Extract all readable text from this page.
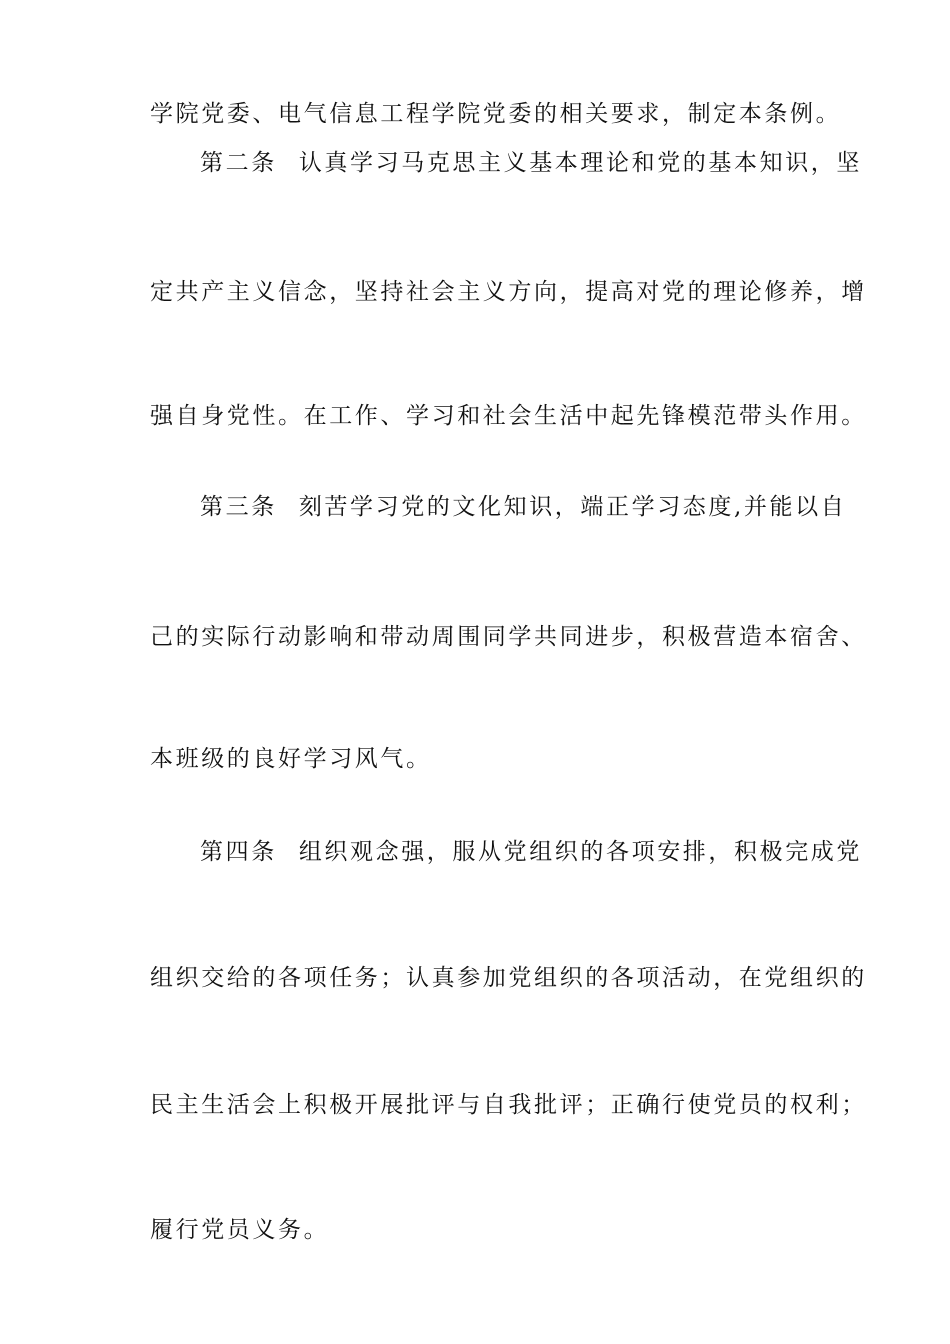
学院党委、电气信息工程学院党委的相关要求，制定本条例。
第二条 认真学习马克思主义基本理论和党的基本知识，坚
定共产主义信念，坚持社会主义方向，提高对党的理论修养，增
强自身党性。在工作、学习和社会生活中起先锋模范带头作用。
第三条 刻苦学习党的文化知识，端正学习态度,并能以自
己的实际行动影响和带动周围同学共同进步，积极营造本宿舍、
本班级的良好学习风气。
第四条 组织观念强，服从党组织的各项安排，积极完成党
组织交给的各项任务；认真参加党组织的各项活动，在党组织的
民主生活会上积极开展批评与自我批评；正确行使党员的权利；
履行党员义务。
